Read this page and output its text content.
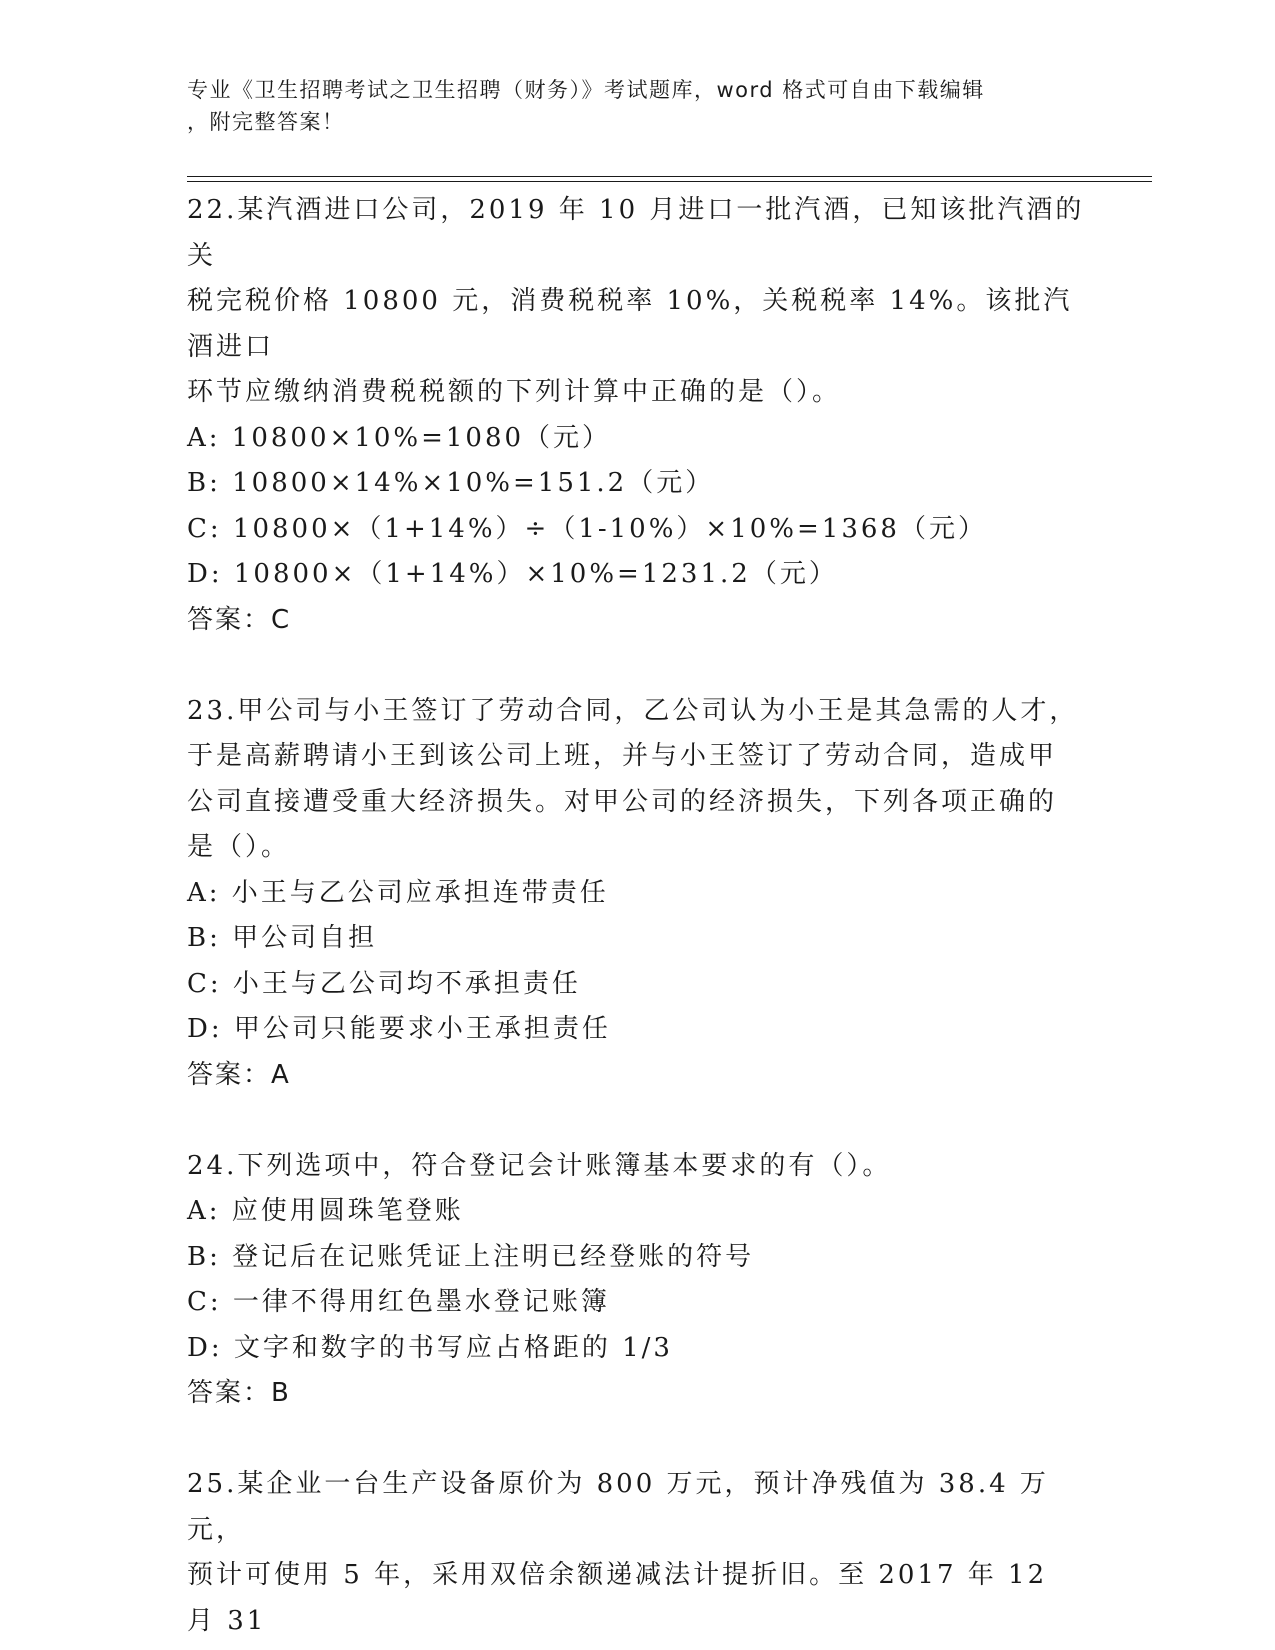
专业《卫生招聘考试之卫生招聘（财务）》考试题库，word 格式可自由下载编辑
，附完整答案！
22.某汽酒进口公司，2019 年 10 月进口一批汽酒，已知该批汽酒的关
税完税价格 10800 元，消费税税率 10%，关税税率 14%。该批汽酒进口
环节应缴纳消费税税额的下列计算中正确的是（）。
A: 10800×10%=1080（元）
B: 10800×14%×10%=151.2（元）
C: 10800×（1+14%）÷（1-10%）×10%=1368（元）
D: 10800×（1+14%）×10%=1231.2（元）
答案：C
23.甲公司与小王签订了劳动合同，乙公司认为小王是其急需的人才，
于是高薪聘请小王到该公司上班，并与小王签订了劳动合同，造成甲
公司直接遭受重大经济损失。对甲公司的经济损失，下列各项正确的
是（）。
A: 小王与乙公司应承担连带责任
B: 甲公司自担
C: 小王与乙公司均不承担责任
D: 甲公司只能要求小王承担责任
答案：A
24.下列选项中，符合登记会计账簿基本要求的有（）。
A: 应使用圆珠笔登账
B: 登记后在记账凭证上注明已经登账的符号
C: 一律不得用红色墨水登记账簿
D: 文字和数字的书写应占格距的 1/3
答案：B
25.某企业一台生产设备原价为 800 万元，预计净残值为 38.4 万元，
预计可使用 5 年，采用双倍余额递减法计提折旧。至 2017 年 12 月 31
